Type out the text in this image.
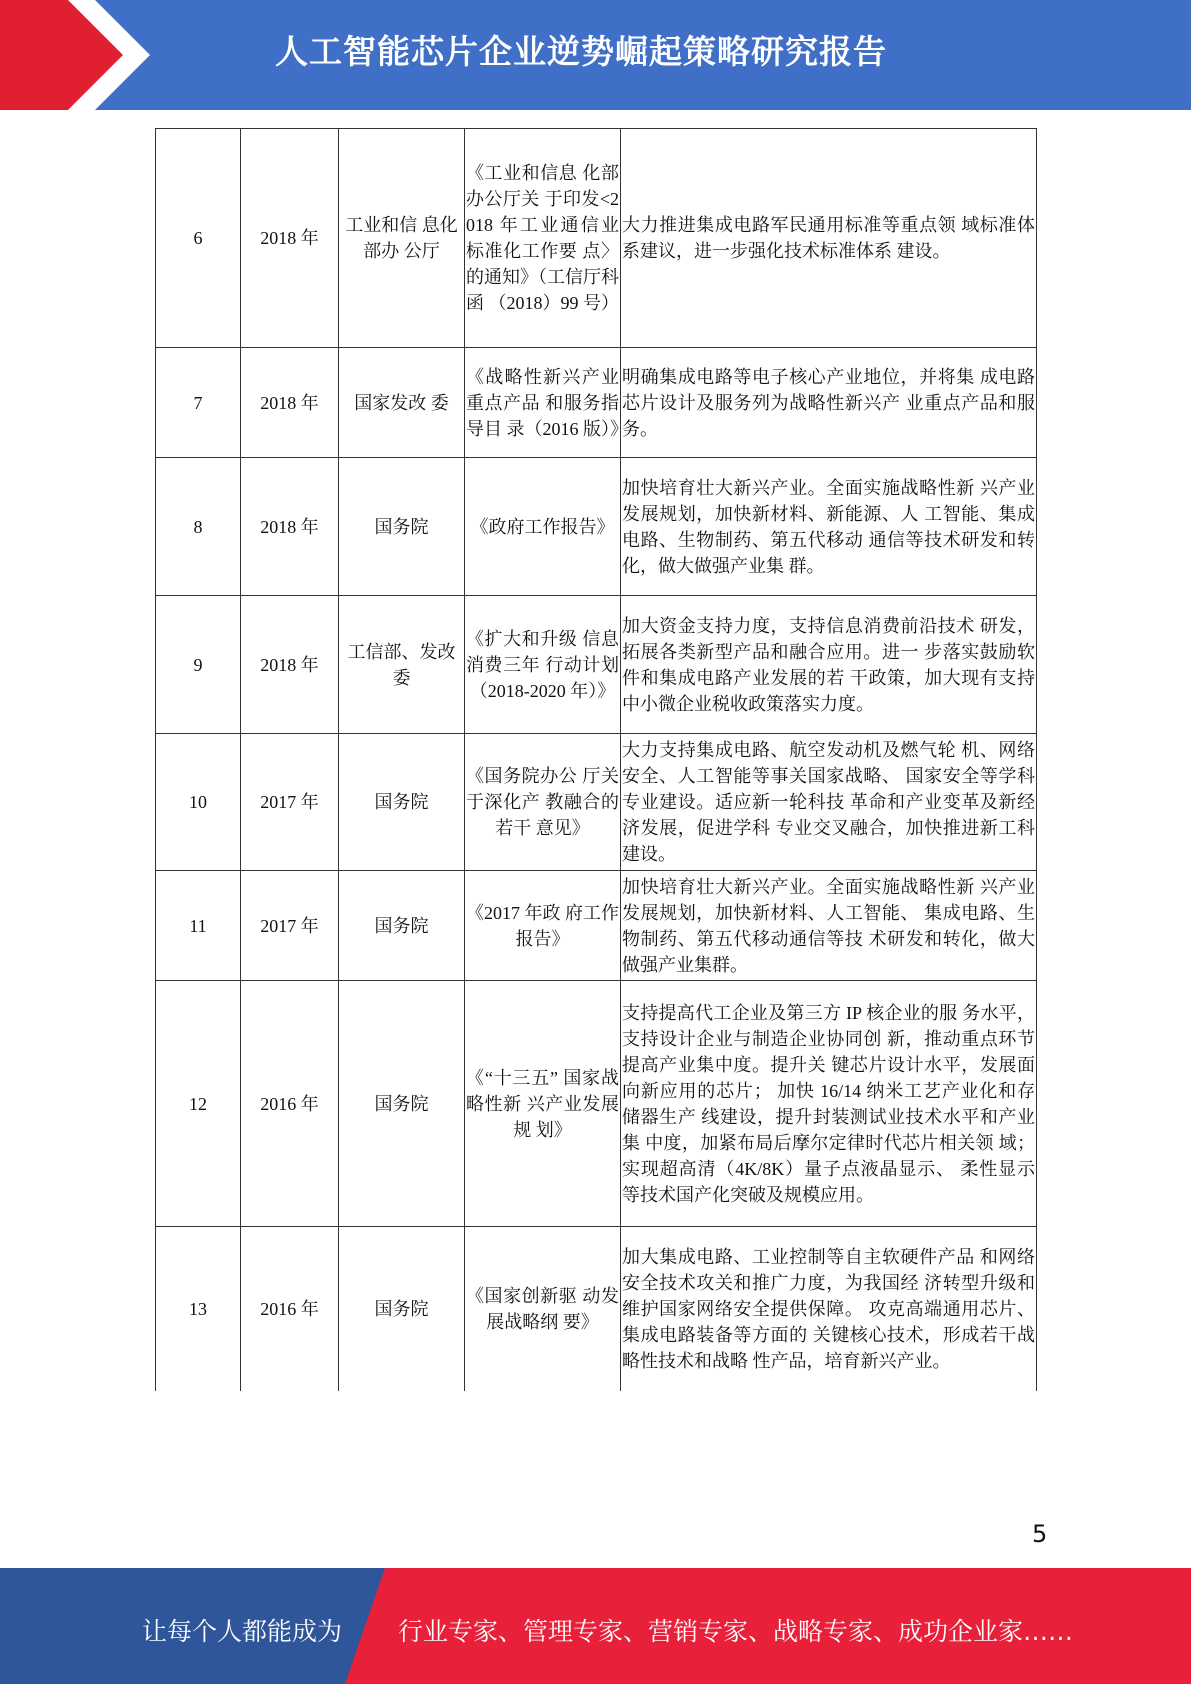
人工智能芯片企业逆势崛起策略研究报告
6	2018 年	工业和信 息化部办 公厅	《工业和信息 化部办公厅关 于印发<2018 年工业通信业 标准化工作要 点〉的通知》（工信厅科函 （2018）99 号）	大力推进集成电路军民通用标准等重点领 域标准体系建议，进一步强化技术标准体系 建设。
7	2018 年	国家发改 委	《战略性新兴产业重点产品 和服务指导目 录（2016 版）》	明确集成电路等电子核心产业地位，并将集 成电路芯片设计及服务列为战略性新兴产 业重点产品和服务。
8	2018 年	国务院	《政府工作报告》	加快培育壮大新兴产业。全面实施战略性新 兴产业发展规划，加快新材料、新能源、人 工智能、集成电路、生物制药、第五代移动 通信等技术研发和转化，做大做强产业集 群。
9	2018 年	工信部、发改委	《扩大和升级 信息消费三年 行动计划 （2018-2020 年）》	加大资金支持力度，支持信息消费前沿技术 研发，拓展各类新型产品和融合应用。进一 步落实鼓励软件和集成电路产业发展的若 干政策，加大现有支持中小微企业税收政策落实力度。
10	2017 年	国务院	《国务院办公 厅关于深化产 教融合的若干 意见》	大力支持集成电路、航空发动机及燃气轮 机、网络安全、人工智能等事关国家战略、 国家安全等学科专业建设。适应新一轮科技 革命和产业变革及新经济发展，促进学科 专业交叉融合，加快推进新工科建设。
11	2017 年	国务院	《2017 年政 府工作报告》	加快培育壮大新兴产业。全面实施战略性新 兴产业发展规划，加快新材料、人工智能、 集成电路、生物制药、第五代移动通信等技 术研发和转化，做大做强产业集群。
12	2016 年	国务院	《“十三五” 国家战略性新 兴产业发展规 划》	支持提高代工企业及第三方 IP 核企业的服 务水平，支持设计企业与制造企业协同创 新，推动重点环节提高产业集中度。提升关 键芯片设计水平，发展面向新应用的芯片； 加快 16/14 纳米工艺产业化和存储器生产 线建设，提升封装测试业技术水平和产业集 中度，加紧布局后摩尔定律时代芯片相关领 域；实现超高清（4K/8K）量子点液晶显示、 柔性显示等技术国产化突破及规模应用。
13	2016 年	国务院	《国家创新驱 动发展战略纲 要》	加大集成电路、工业控制等自主软硬件产品 和网络安全技术攻关和推广力度，为我国经 济转型升级和维护国家网络安全提供保障。 攻克高端通用芯片、集成电路装备等方面的 关键核心技术，形成若干战略性技术和战略 性产品，培育新兴产业。
5
让每个人都能成为 行业专家、管理专家、营销专家、战略专家、成功企业家……
